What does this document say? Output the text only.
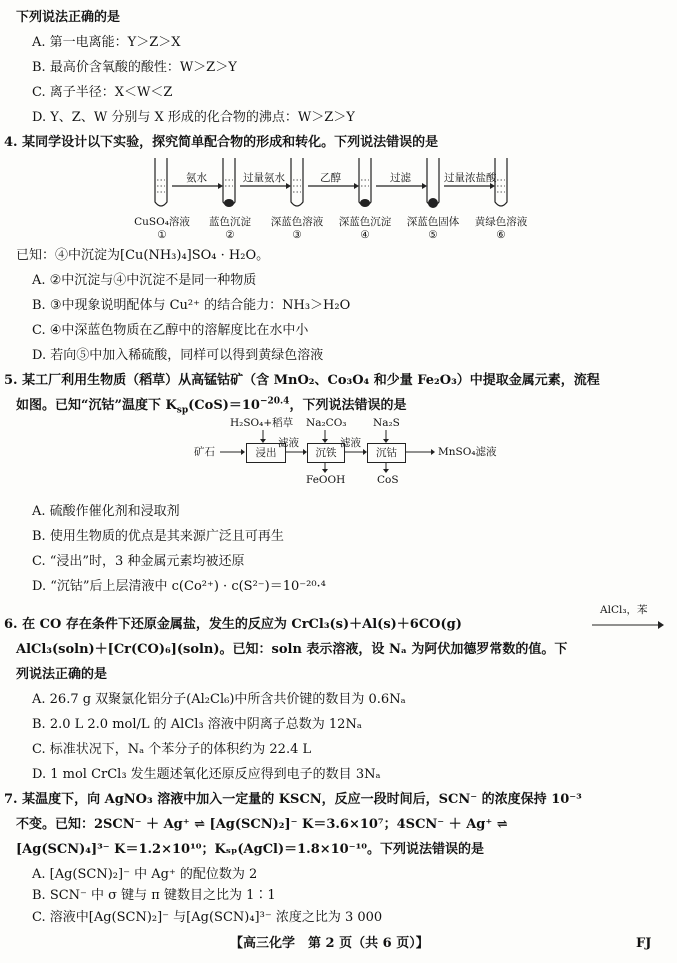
下列说法正确的是
A. 第一电离能：Y＞Z＞X
B. 最高价含氧酸的酸性：W＞Z＞Y
C. 离子半径：X＜W＜Z
D. Y、Z、W 分别与 X 形成的化合物的沸点：W＞Z＞Y
4. 某同学设计以下实验，探究简单配合物的形成和转化。下列说法错误的是
氨水	过量氨水	乙醇	过滤	过量浓盐酸
CuSO₄溶液
①
蓝色沉淀
②
深蓝色溶液
③
深蓝色沉淀
④
深蓝色固体
⑤
黄绿色溶液
⑥
已知：④中沉淀为[Cu(NH₃)₄]SO₄ · H₂O。
A. ②中沉淀与④中沉淀不是同一种物质
B. ③中现象说明配体与 Cu²⁺ 的结合能力：NH₃＞H₂O
C. ④中深蓝色物质在乙醇中的溶解度比在水中小
D. 若向⑤中加入稀硫酸，同样可以得到黄绿色溶液
5. 某工厂利用生物质（稻草）从高锰钴矿（含 MnO₂、Co₃O₄ 和少量 Fe₂O₃）中提取金属元素，流程
如图。已知“沉钴”温度下 $K_{sp}(CoS)=10^{-20.4}$，下列说法错误的是
浸出	沉铁	沉钴
H₂SO₄+稻草 Na₂CO₃	Na₂S
矿石
滤液	滤液
MnSO₄滤液
FeOOH	CoS
A. 硫酸作催化剂和浸取剂
B. 使用生物质的优点是其来源广泛且可再生
C. “浸出”时，3 种金属元素均被还原
D. “沉钴”后上层清液中 c(Co²⁺) · c(S²⁻)＝10⁻²⁰·⁴
6. 在 CO 存在条件下还原金属盐，发生的反应为 CrCl₃(s)＋Al(s)＋6CO(g)
AlCl₃，苯
AlCl₃(soln)＋[Cr(CO)₆](soln)。已知：soln 表示溶液，设 Nₐ 为阿伏加德罗常数的值。下
列说法正确的是
A. 26.7 g 双聚氯化铝分子(Al₂Cl₆)中所含共价键的数目为 0.6Nₐ
B. 2.0 L 2.0 mol/L 的 AlCl₃ 溶液中阴离子总数为 12Nₐ
C. 标准状况下，Nₐ 个苯分子的体积约为 22.4 L
D. 1 mol CrCl₃ 发生题述氧化还原反应得到电子的数目 3Nₐ
7. 某温度下，向 AgNO₃ 溶液中加入一定量的 KSCN，反应一段时间后，SCN⁻ 的浓度保持 10⁻³
不变。已知：2SCN⁻ ＋ Ag⁺ ⇌ [Ag(SCN)₂]⁻ K＝3.6×10⁷；4SCN⁻ ＋ Ag⁺ ⇌
[Ag(SCN)₄]³⁻ K＝1.2×10¹⁰；Kₛₚ(AgCl)＝1.8×10⁻¹⁰。下列说法错误的是
A. [Ag(SCN)₂]⁻ 中 Ag⁺ 的配位数为 2
B. SCN⁻ 中 σ 键与 π 键数目之比为 1∶1
C. 溶液中[Ag(SCN)₂]⁻ 与[Ag(SCN)₄]³⁻ 浓度之比为 3 000
【高三化学　第 2 页（共 6 页）】	FJ
